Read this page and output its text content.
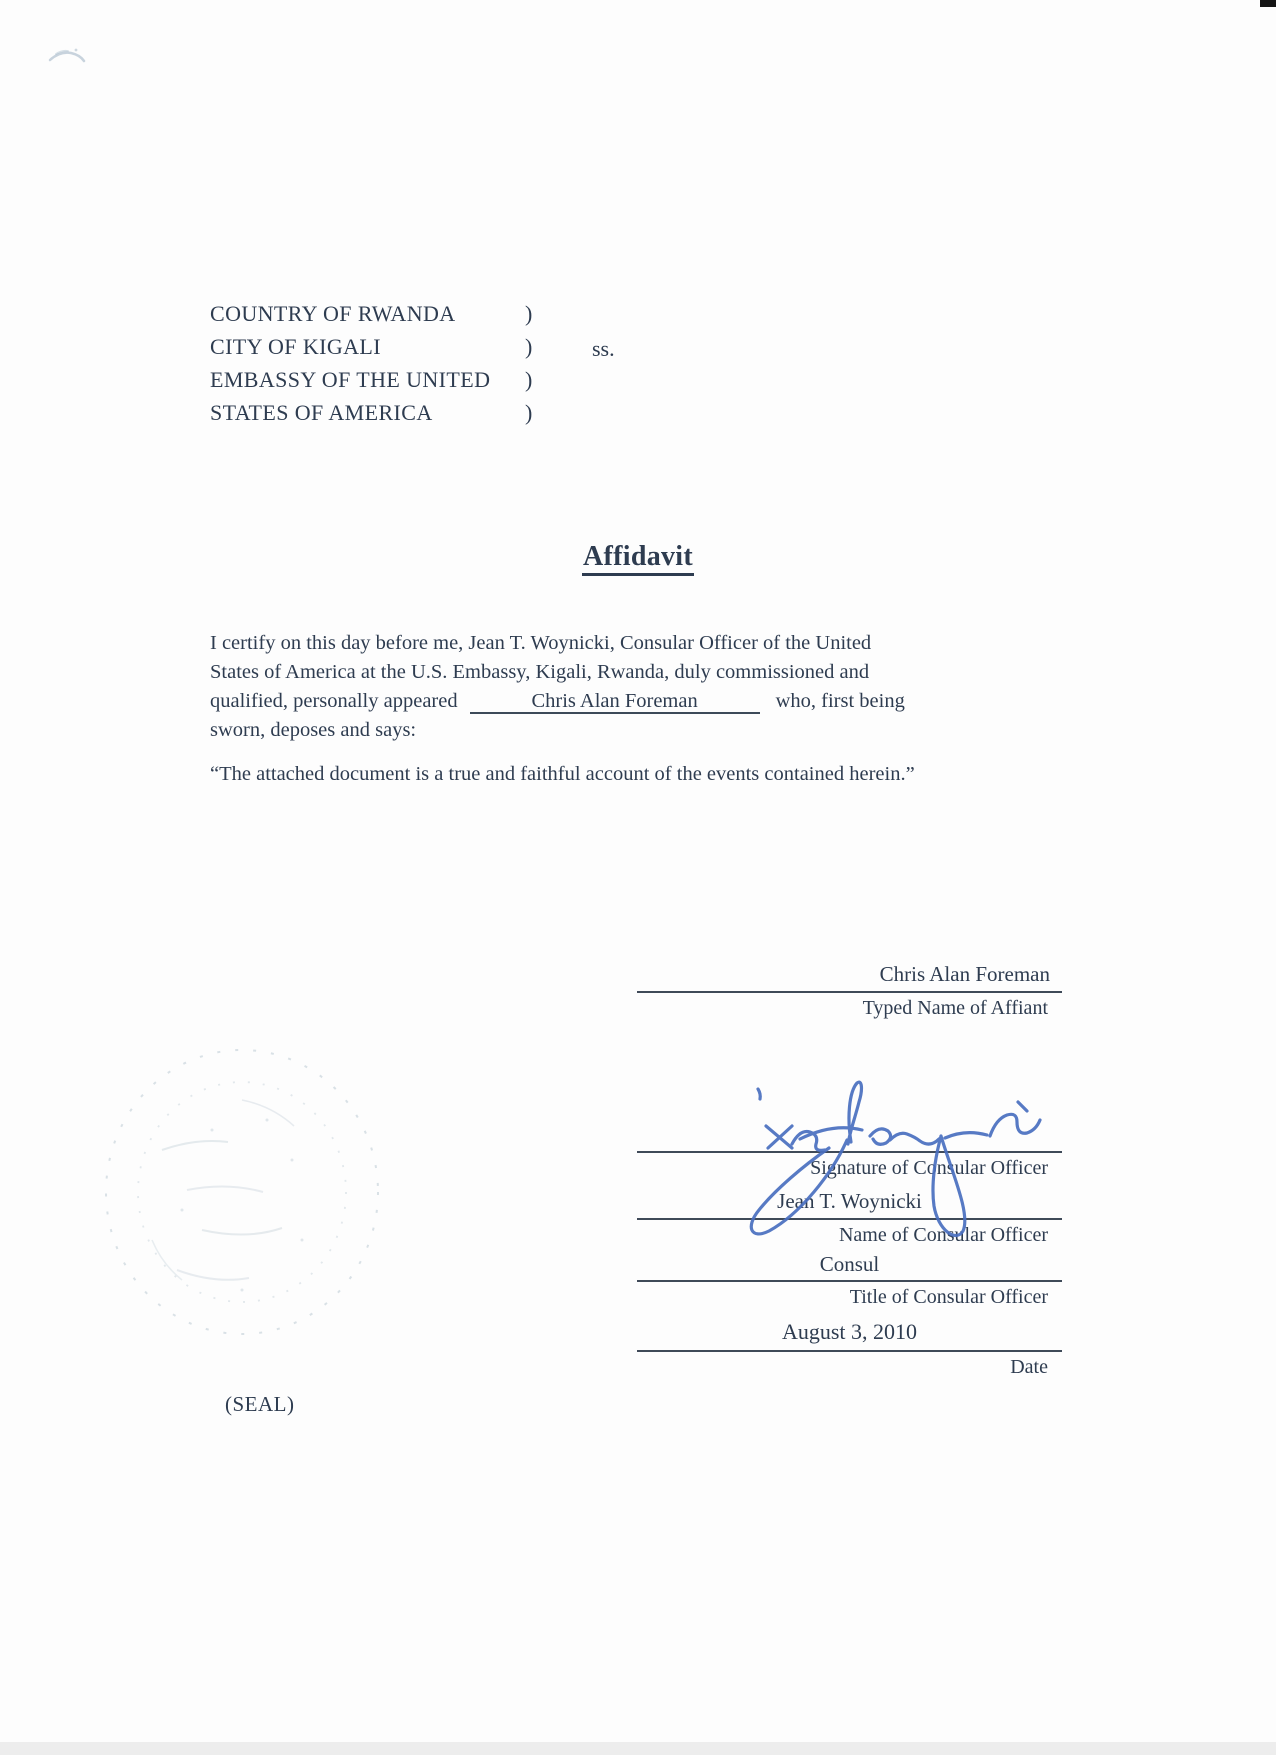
COUNTRY OF RWANDA	)
CITY OF KIGALI	)
EMBASSY OF THE UNITED )
STATES OF AMERICA	)
ss.
Affidavit
I certify on this day before me, Jean T. Woynicki, Consular Officer of the United
States of America at the U.S. Embassy, Kigali, Rwanda, duly commissioned and
qualified, personally appeared	Chris Alan Foreman	who, first being
sworn, deposes and says:
“The attached document is a true and faithful account of the events contained herein.”
Chris Alan Foreman
Typed Name of Affiant
Signature of Consular Officer
Jean T. Woynicki
Name of Consular Officer
Consul
Title of Consular Officer
August 3, 2010
Date
(SEAL)
